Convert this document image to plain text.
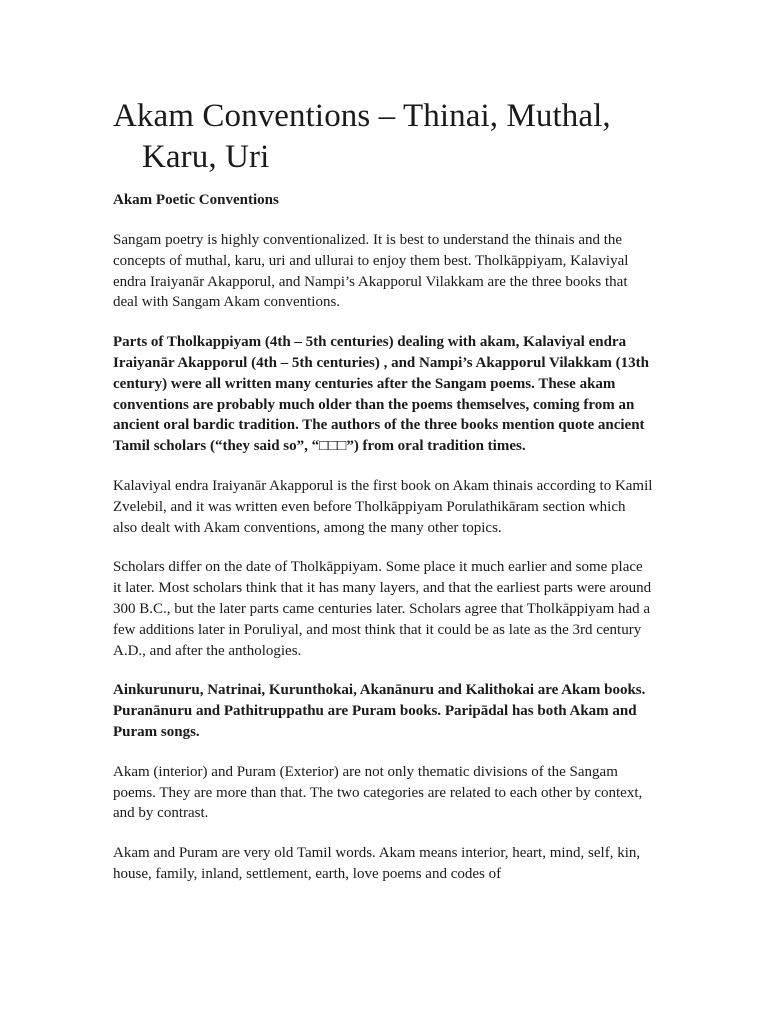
Akam Conventions – Thinai, Muthal,
Karu, Uri
Akam Poetic Conventions

Sangam poetry is highly conventionalized. It is best to understand the thinais and the concepts of muthal, karu, uri and ullurai to enjoy them best. Tholkāppiyam, Kalaviyal endra Iraiyanār Akapporul, and Nampi’s Akapporul Vilakkam are the three books that deal with Sangam Akam conventions.

Parts of Tholkappiyam (4th – 5th centuries) dealing with akam, Kalaviyal endra Iraiyanār Akapporul (4th – 5th centuries) , and Nampi’s Akapporul Vilakkam (13th century) were all written many centuries after the Sangam poems. These akam conventions are probably much older than the poems themselves, coming from an ancient oral bardic tradition. The authors of the three books mention quote ancient Tamil scholars (“they said so”, “□□□”) from oral tradition times.

Kalaviyal endra Iraiyanār Akapporul is the first book on Akam thinais according to Kamil Zvelebil, and it was written even before Tholkāppiyam Porulathikāram section which also dealt with Akam conventions, among the many other topics.

Scholars differ on the date of Tholkāppiyam. Some place it much earlier and some place it later. Most scholars think that it has many layers, and that the earliest parts were around 300 B.C., but the later parts came centuries later. Scholars agree that Tholkāppiyam had a few additions later in Poruliyal, and most think that it could be as late as the 3rd century A.D., and after the anthologies.

Ainkurunuru, Natrinai, Kurunthokai, Akanānuru and Kalithokai are Akam books. Puranānuru and Pathitruppathu are Puram books. Paripādal has both Akam and Puram songs.

Akam (interior) and Puram (Exterior) are not only thematic divisions of the Sangam poems. They are more than that. The two categories are related to each other by context, and by contrast.

Akam and Puram are very old Tamil words. Akam means interior, heart, mind, self, kin, house, family, inland, settlement, earth, love poems and codes of
